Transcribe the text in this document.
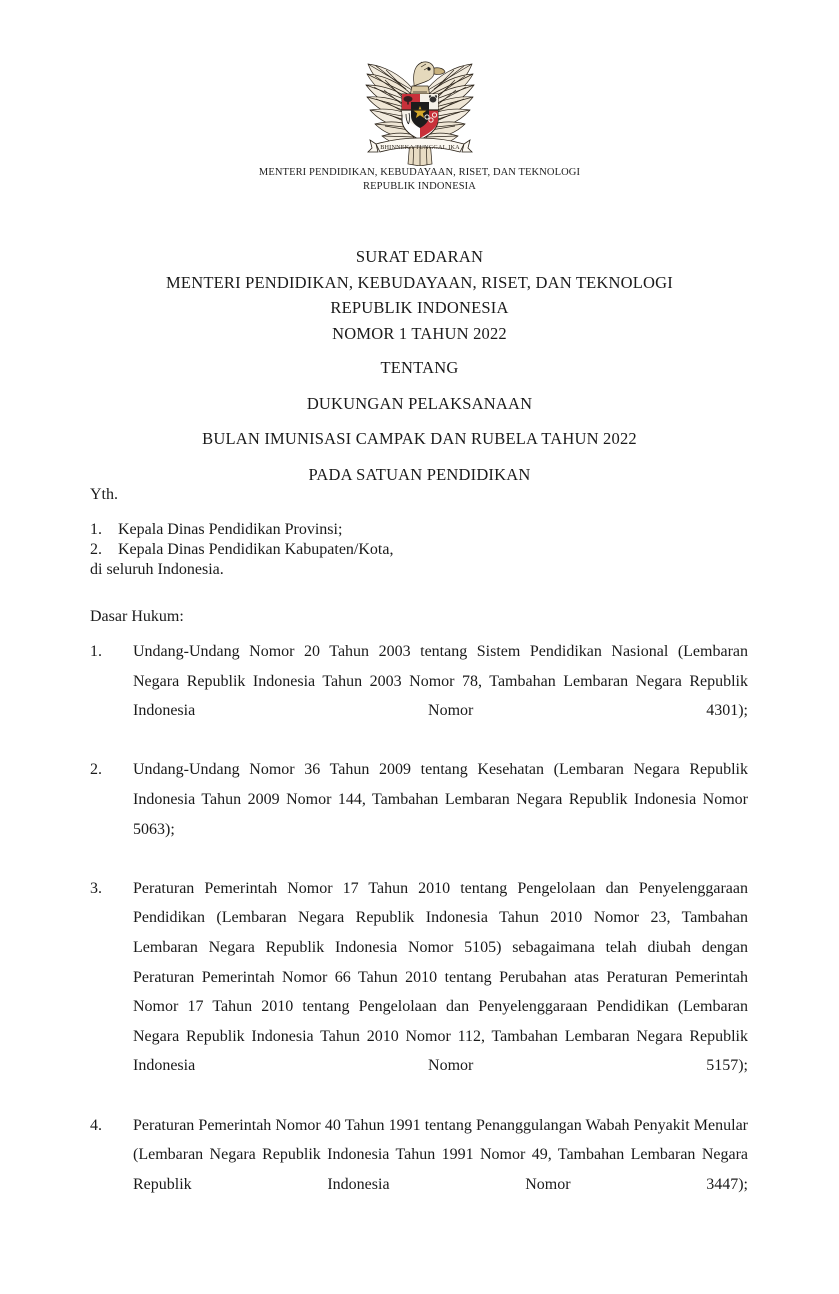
BHINNEKA TUNGGAL IKA
MENTERI PENDIDIKAN, KEBUDAYAAN, RISET, DAN TEKNOLOGI
REPUBLIK INDONESIA
SURAT EDARAN
MENTERI PENDIDIKAN, KEBUDAYAAN, RISET, DAN TEKNOLOGI
REPUBLIK INDONESIA
NOMOR 1 TAHUN 2022
TENTANG
DUKUNGAN PELAKSANAAN
BULAN IMUNISASI CAMPAK DAN RUBELA TAHUN 2022
PADA SATUAN PENDIDIKAN
Yth.
1.	Kepala Dinas Pendidikan Provinsi;
2.	Kepala Dinas Pendidikan Kabupaten/Kota,
di seluruh Indonesia.
Dasar Hukum:
1.	Undang-Undang Nomor 20 Tahun 2003 tentang Sistem Pendidikan Nasional (Lembaran Negara Republik Indonesia Tahun 2003 Nomor 78, Tambahan Lembaran Negara Republik Indonesia Nomor 4301);
2.	Undang-Undang Nomor 36 Tahun 2009 tentang Kesehatan (Lembaran Negara Republik Indonesia Tahun 2009 Nomor 144, Tambahan Lembaran Negara Republik Indonesia Nomor 5063);
3.	Peraturan Pemerintah Nomor 17 Tahun 2010 tentang Pengelolaan dan Penyelenggaraan Pendidikan (Lembaran Negara Republik Indonesia Tahun 2010 Nomor 23, Tambahan Lembaran Negara Republik Indonesia Nomor 5105) sebagaimana telah diubah dengan Peraturan Pemerintah Nomor 66 Tahun 2010 tentang Perubahan atas Peraturan Pemerintah Nomor 17 Tahun 2010 tentang Pengelolaan dan Penyelenggaraan Pendidikan (Lembaran Negara Republik Indonesia Tahun 2010 Nomor 112, Tambahan Lembaran Negara Republik Indonesia Nomor 5157);
4.	Peraturan Pemerintah Nomor 40 Tahun 1991 tentang Penanggulangan Wabah Penyakit Menular (Lembaran Negara Republik Indonesia Tahun 1991 Nomor 49, Tambahan Lembaran Negara Republik Indonesia Nomor 3447);
